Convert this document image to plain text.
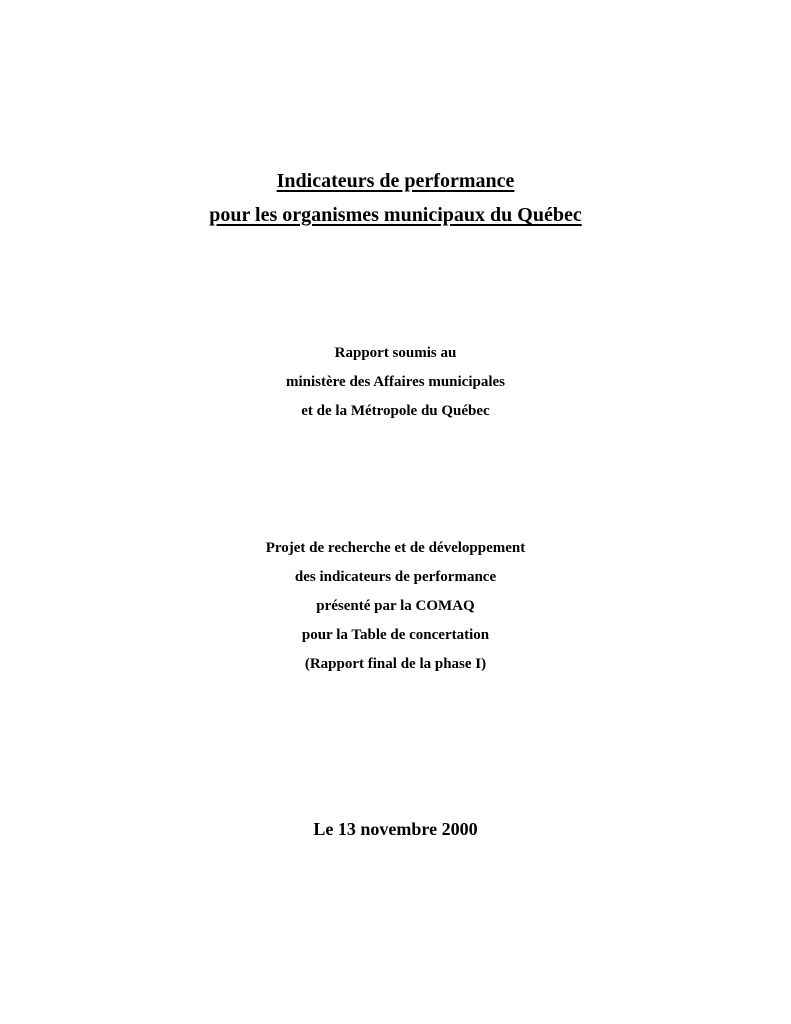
Indicateurs de performance
pour les organismes municipaux du Québec
Rapport soumis au
ministère des Affaires municipales
et de la Métropole du Québec
Projet de recherche et de développement
des indicateurs de performance
présenté par la COMAQ
pour la Table de concertation
(Rapport final de la phase I)
Le 13 novembre 2000
